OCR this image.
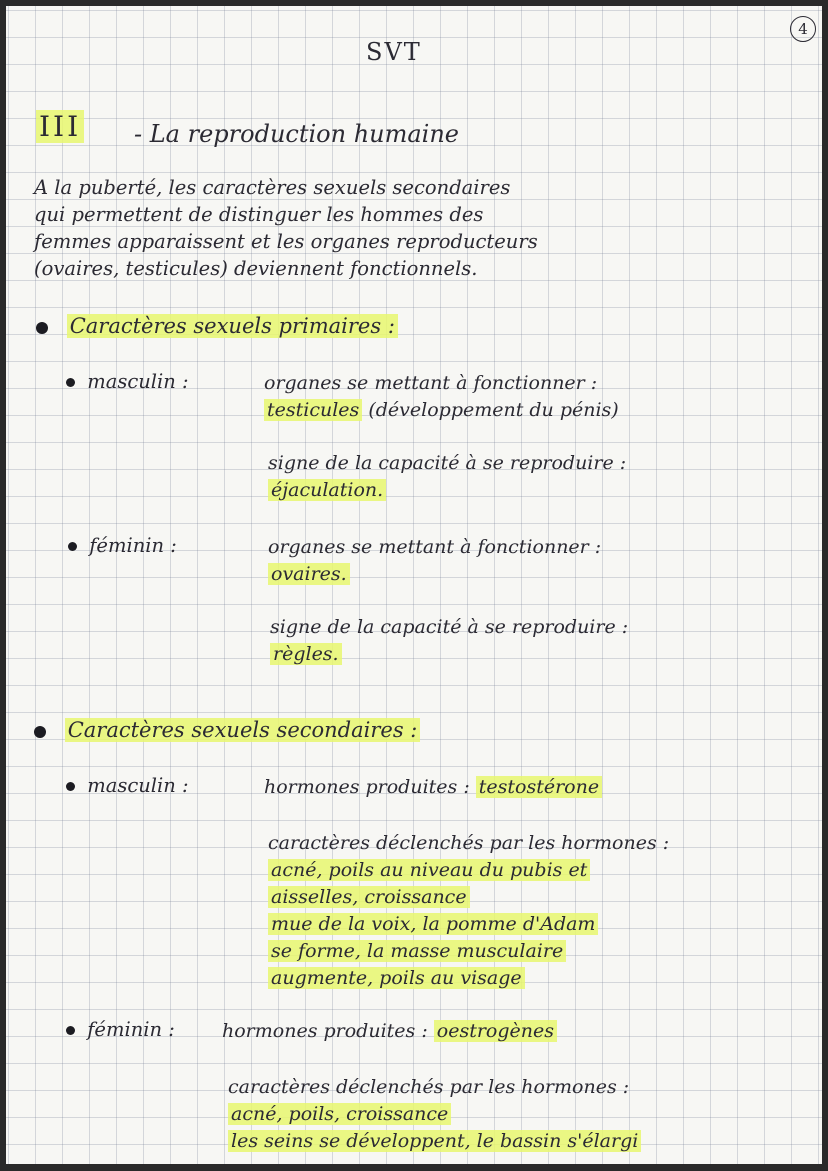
SVT
4
III - La reproduction humaine
A la puberté, les caractères sexuels secondaires
qui permettent de distinguer les hommes des
femmes apparaissent et les organes reproducteurs
(ovaires, testicules) deviennent fonctionnels.
Caractères sexuels primaires :
masculin :	organes se mettant à fonctionner :
testicules (développement du pénis)
signe de la capacité à se reproduire :
éjaculation.
féminin :	organes se mettant à fonctionner :
ovaires.
signe de la capacité à se reproduire :
règles.
Caractères sexuels secondaires :
masculin :	hormones produites : testostérone
caractères déclenchés par les hormones :
acné, poils au niveau du pubis et
aisselles, croissance
mue de la voix, la pomme d'Adam
se forme, la masse musculaire
augmente, poils au visage
féminin : hormones produites : oestrogènes
caractères déclenchés par les hormones :
acné, poils, croissance
les seins se développent, le bassin s'élargi
